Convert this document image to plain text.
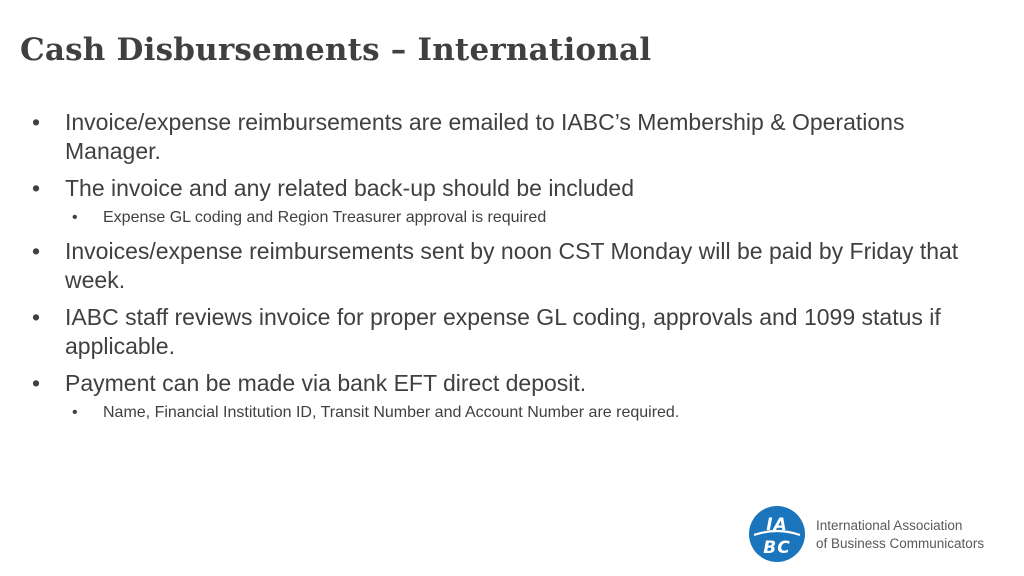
Cash Disbursements – International
• Invoice/expense reimbursements are emailed to IABC’s Membership & Operations Manager.
• The invoice and any related back-up should be included
• Expense GL coding and Region Treasurer approval is required
• Invoices/expense reimbursements sent by noon CST Monday will be paid by Friday that week.
• IABC staff reviews invoice for proper expense GL coding, approvals and 1099 status if applicable.
• Payment can be made via bank EFT direct deposit.
• Name, Financial Institution ID, Transit Number and Account Number are required.
IA
BC
International Association
of Business Communicators
